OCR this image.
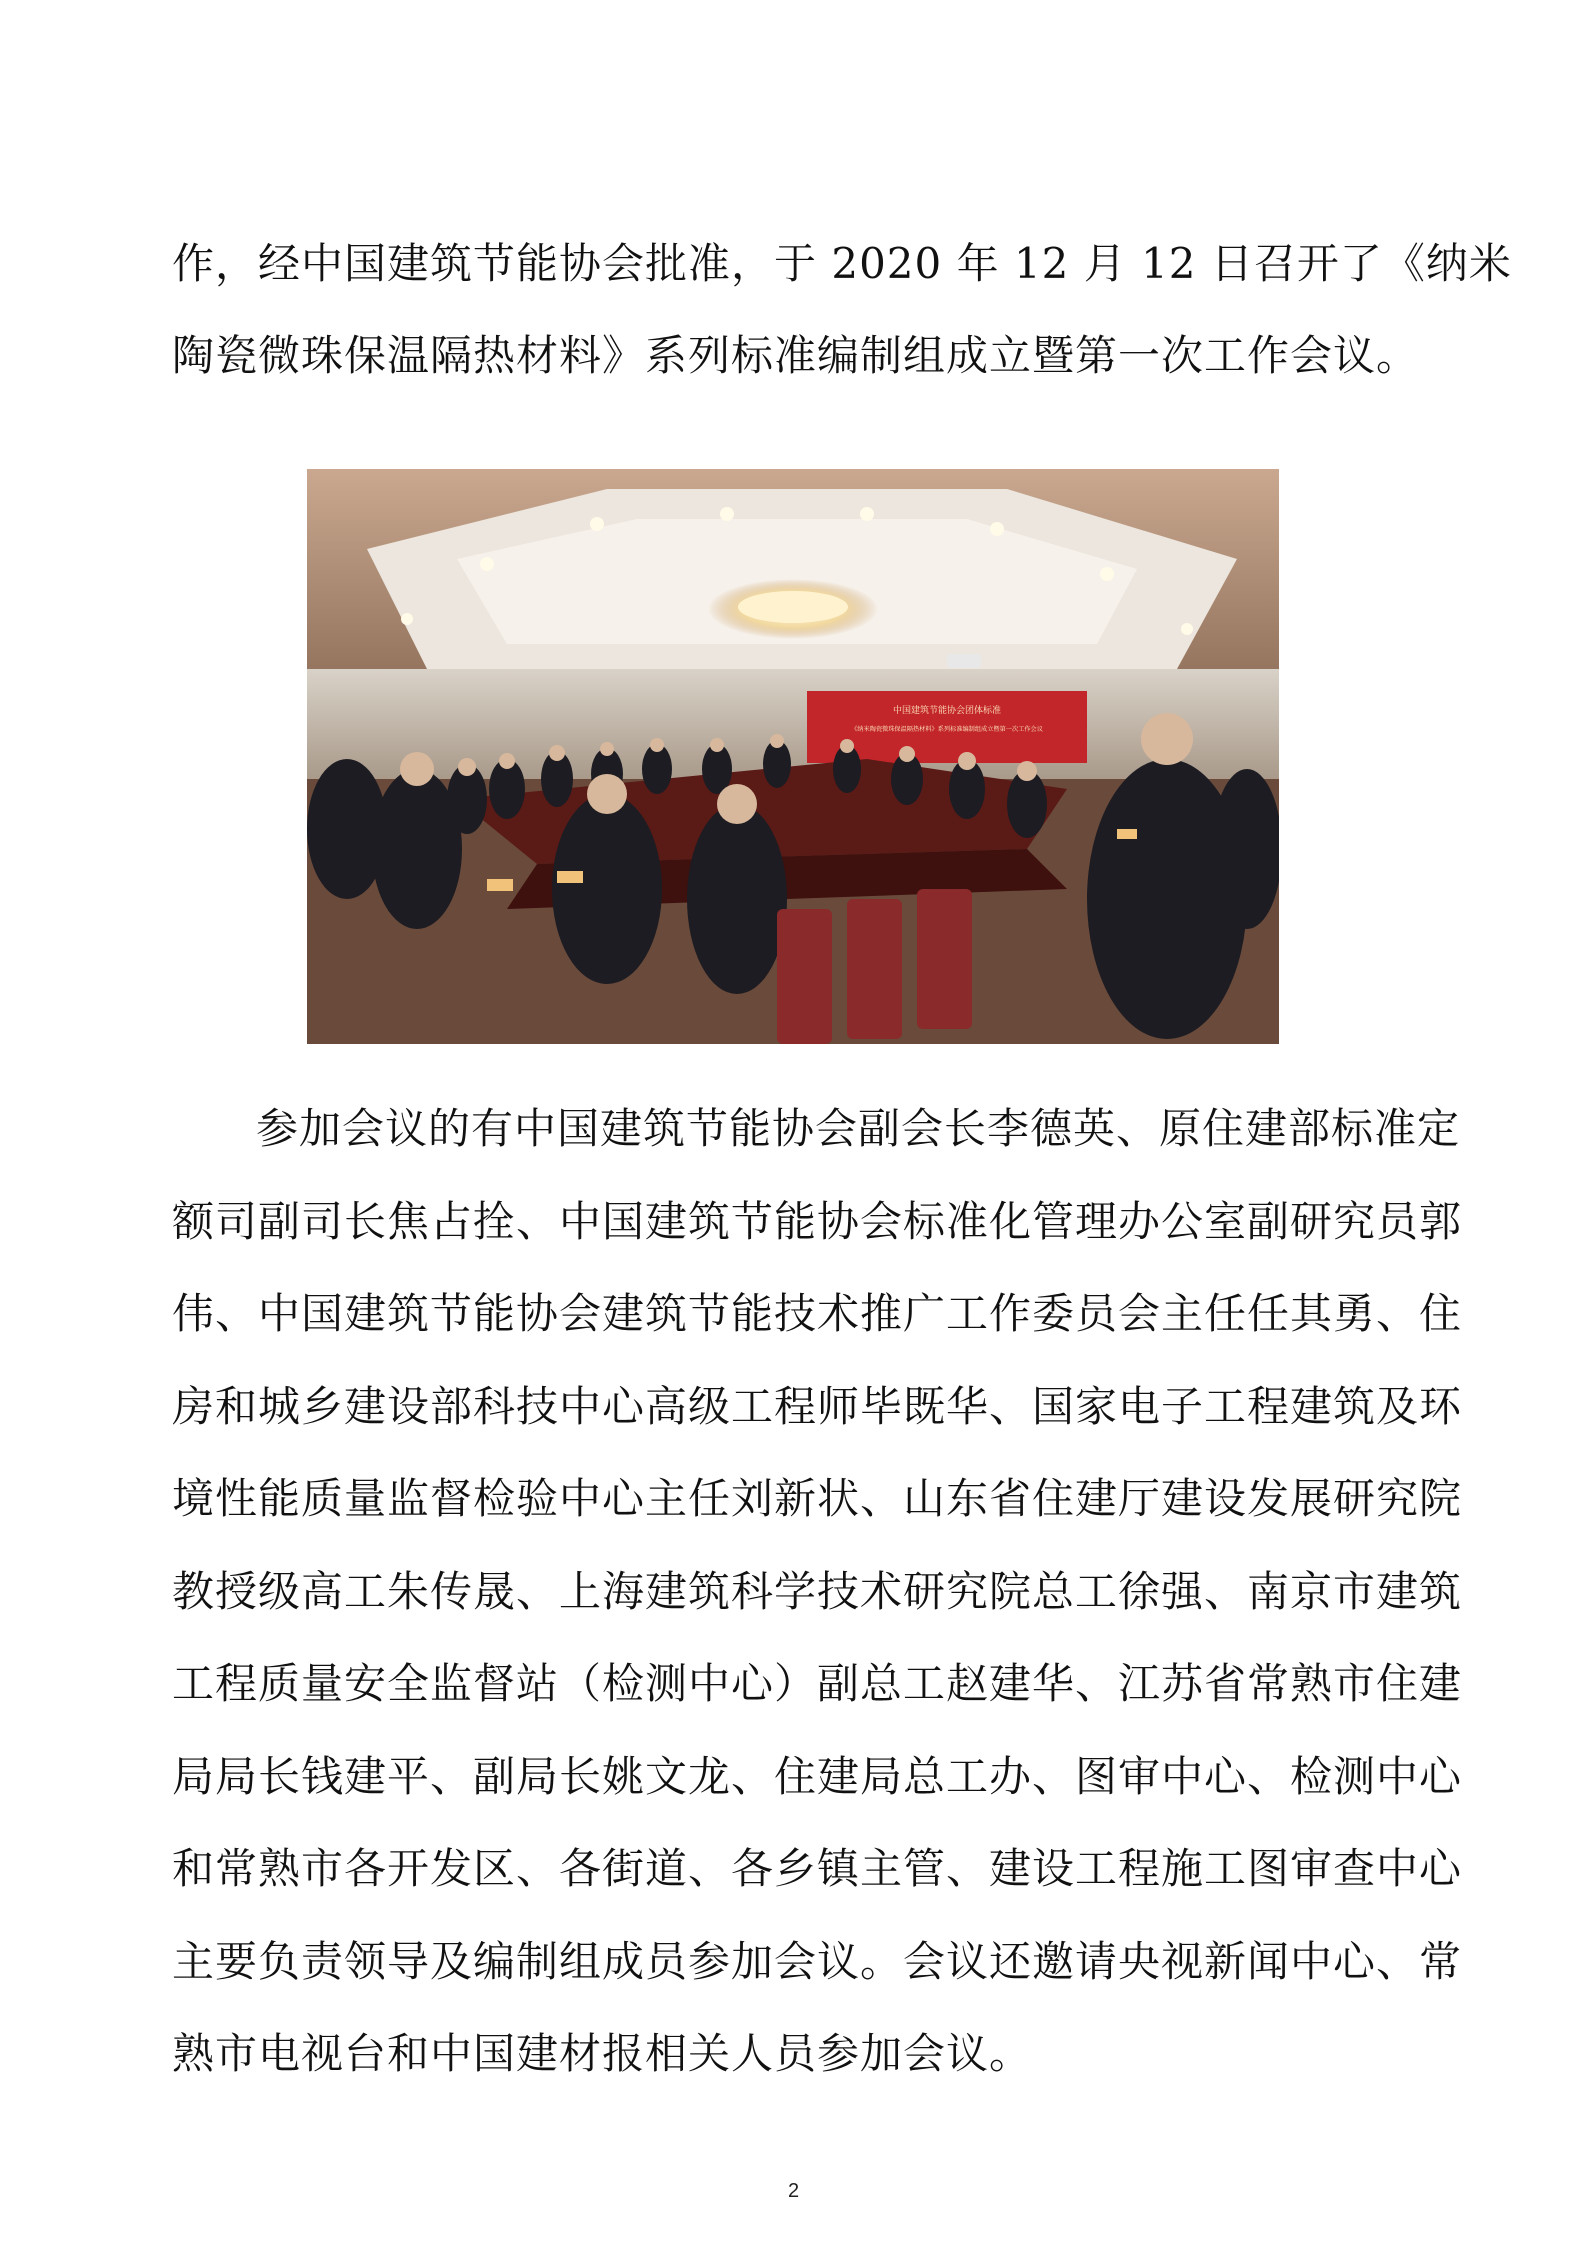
作，经中国建筑节能协会批准，于 2020 年 12 月 12 日召开了《纳米
陶瓷微珠保温隔热材料》系列标准编制组成立暨第一次工作会议。
中国建筑节能协会团体标准
《纳米陶瓷微珠保温隔热材料》系列标准编制组成立暨第一次工作会议
参加会议的有中国建筑节能协会副会长李德英、原住建部标准定
额司副司长焦占拴、中国建筑节能协会标准化管理办公室副研究员郭
伟、中国建筑节能协会建筑节能技术推广工作委员会主任任其勇、住
房和城乡建设部科技中心高级工程师毕既华、国家电子工程建筑及环
境性能质量监督检验中心主任刘新状、山东省住建厅建设发展研究院
教授级高工朱传晟、上海建筑科学技术研究院总工徐强、南京市建筑
工程质量安全监督站（检测中心）副总工赵建华、江苏省常熟市住建
局局长钱建平、副局长姚文龙、住建局总工办、图审中心、检测中心
和常熟市各开发区、各街道、各乡镇主管、建设工程施工图审查中心
主要负责领导及编制组成员参加会议。会议还邀请央视新闻中心、常
熟市电视台和中国建材报相关人员参加会议。
2
